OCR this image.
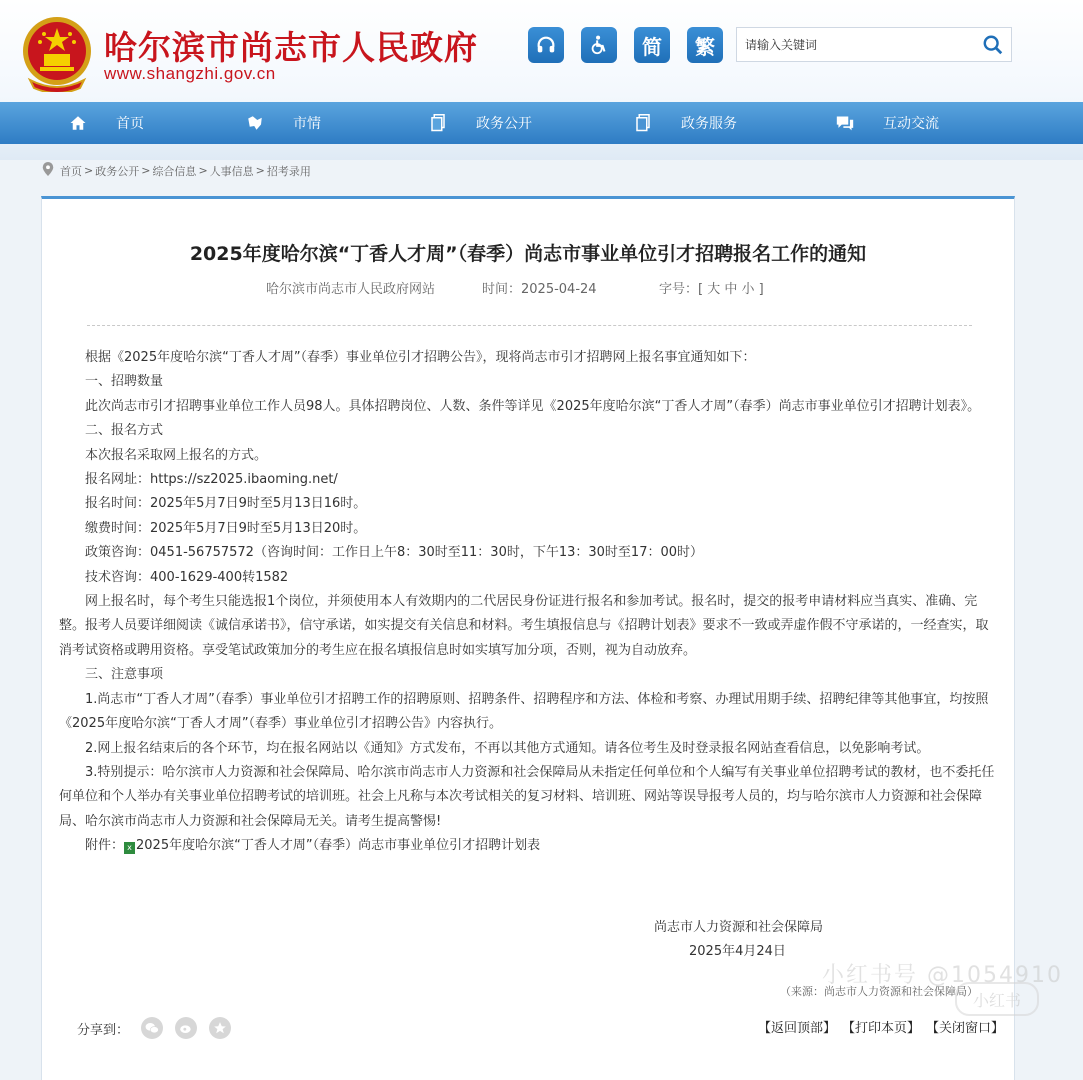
哈尔滨市尚志市人民政府
www.shangzhi.gov.cn
简	繁
请输入关键词
首页	市情	政务公开	政务服务	互动交流
首页 > 政务公开 > 综合信息 > 人事信息 > 招考录用
2025年度哈尔滨“丁香人才周”（春季）尚志市事业单位引才招聘报名工作的通知
哈尔滨市尚志市人民政府网站	时间：2025-04-24	字号：[ 大 中 小 ]

根据《2025年度哈尔滨“丁香人才周”（春季）事业单位引才招聘公告》，现将尚志市引才招聘网上报名事宜通知如下：

一、招聘数量

此次尚志市引才招聘事业单位工作人员98人。具体招聘岗位、人数、条件等详见《2025年度哈尔滨“丁香人才周”（春季）尚志市事业单位引才招聘计划表》。

二、报名方式

本次报名采取网上报名的方式。

报名网址：https://sz2025.ibaoming.net/

报名时间：2025年5月7日9时至5月13日16时。

缴费时间：2025年5月7日9时至5月13日20时。

政策咨询：0451-56757572（咨询时间：工作日上午8：30时至11：30时，下午13：30时至17：00时）

技术咨询：400-1629-400转1582

网上报名时，每个考生只能选报1个岗位，并须使用本人有效期内的二代居民身份证进行报名和参加考试。报名时，提交的报考申请材料应当真实、准确、完整。报考人员要详细阅读《诚信承诺书》，信守承诺，如实提交有关信息和材料。考生填报信息与《招聘计划表》要求不一致或弄虚作假不守承诺的，一经查实，取消考试资格或聘用资格。享受笔试政策加分的考生应在报名填报信息时如实填写加分项，否则，视为自动放弃。

三、注意事项

1.尚志市“丁香人才周”（春季）事业单位引才招聘工作的招聘原则、招聘条件、招聘程序和方法、体检和考察、办理试用期手续、招聘纪律等其他事宜，均按照《2025年度哈尔滨“丁香人才周”（春季）事业单位引才招聘公告》内容执行。

2.网上报名结束后的各个环节，均在报名网站以《通知》方式发布，不再以其他方式通知。请各位考生及时登录报名网站查看信息，以免影响考试。

3.特别提示：哈尔滨市人力资源和社会保障局、哈尔滨市尚志市人力资源和社会保障局从未指定任何单位和个人编写有关事业单位招聘考试的教材，也不委托任何单位和个人举办有关事业单位招聘考试的培训班。社会上凡称与本次考试相关的复习材料、培训班、网站等误导报考人员的，均与哈尔滨市人力资源和社会保障局、哈尔滨市尚志市人力资源和社会保障局无关。请考生提高警惕!

附件： x 2025年度哈尔滨“丁香人才周”（春季）尚志市事业单位引才招聘计划表

尚志市人力资源和社会保障局
2025年4月24日
（来源：尚志市人力资源和社会保障局）
分享到：	【返回顶部】 【打印本页】 【关闭窗口】
小红书号 @1054910
小红书
